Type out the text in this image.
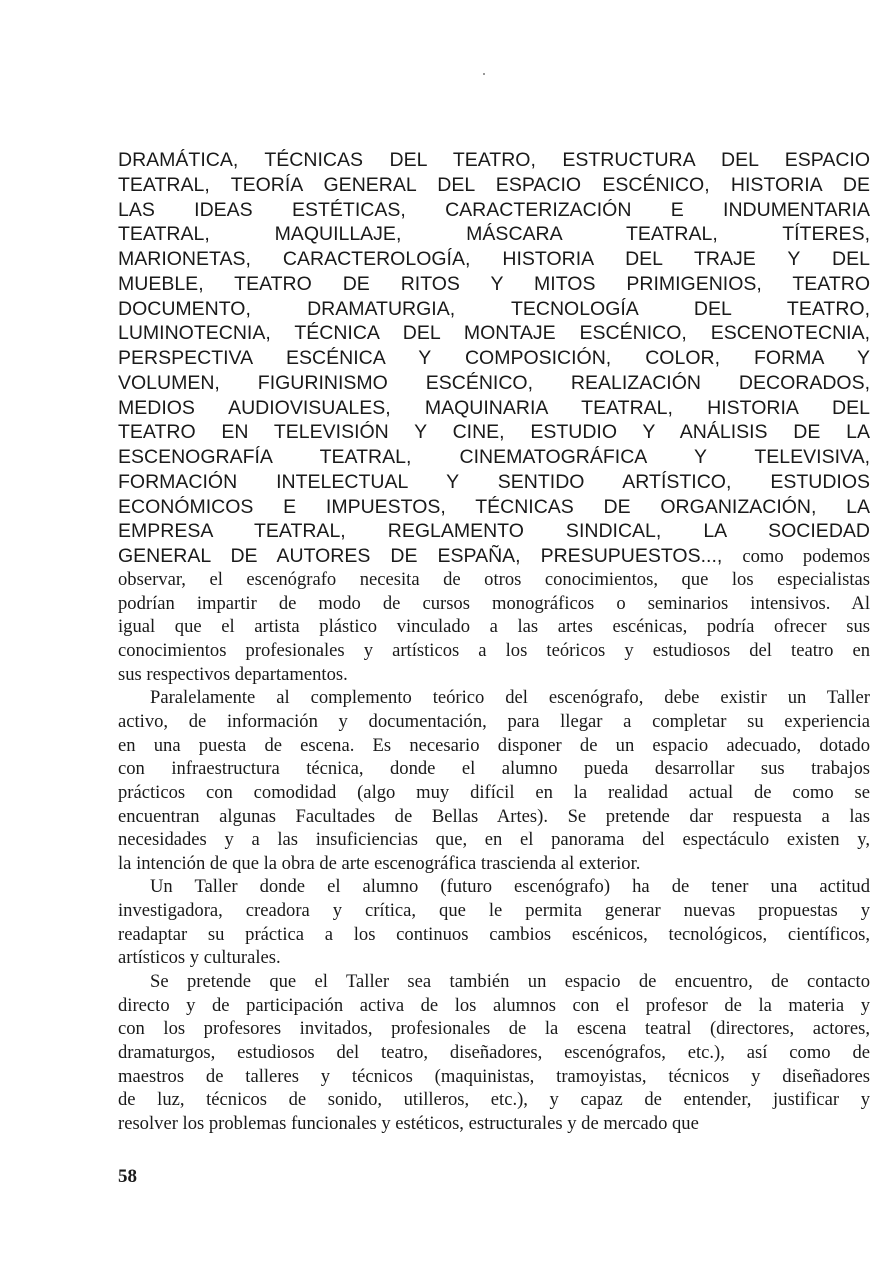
DRAMÁTICA, TÉCNICAS DEL TEATRO, ESTRUCTURA DEL ESPACIO
TEATRAL, TEORÍA GENERAL DEL ESPACIO ESCÉNICO, HISTORIA DE
LAS IDEAS ESTÉTICAS, CARACTERIZACIÓN E INDUMENTARIA
TEATRAL, MAQUILLAJE, MÁSCARA TEATRAL, TÍTERES,
MARIONETAS, CARACTEROLOGÍA, HISTORIA DEL TRAJE Y DEL
MUEBLE, TEATRO DE RITOS Y MITOS PRIMIGENIOS, TEATRO
DOCUMENTO, DRAMATURGIA, TECNOLOGÍA DEL TEATRO,
LUMINOTECNIA, TÉCNICA DEL MONTAJE ESCÉNICO, ESCENOTECNIA,
PERSPECTIVA ESCÉNICA Y COMPOSICIÓN, COLOR, FORMA Y
VOLUMEN, FIGURINISMO ESCÉNICO, REALIZACIÓN DECORADOS,
MEDIOS AUDIOVISUALES, MAQUINARIA TEATRAL, HISTORIA DEL
TEATRO EN TELEVISIÓN Y CINE, ESTUDIO Y ANÁLISIS DE LA
ESCENOGRAFÍA TEATRAL, CINEMATOGRÁFICA Y TELEVISIVA,
FORMACIÓN INTELECTUAL Y SENTIDO ARTÍSTICO, ESTUDIOS
ECONÓMICOS E IMPUESTOS, TÉCNICAS DE ORGANIZACIÓN, LA
EMPRESA TEATRAL, REGLAMENTO SINDICAL, LA SOCIEDAD
GENERAL DE AUTORES DE ESPAÑA, PRESUPUESTOS..., como podemos
observar, el escenógrafo necesita de otros conocimientos, que los especialistas
podrían impartir de modo de cursos monográficos o seminarios intensivos. Al
igual que el artista plástico vinculado a las artes escénicas, podría ofrecer sus
conocimientos profesionales y artísticos a los teóricos y estudiosos del teatro en
sus respectivos departamentos.
Paralelamente al complemento teórico del escenógrafo, debe existir un Taller
activo, de información y documentación, para llegar a completar su experiencia
en una puesta de escena. Es necesario disponer de un espacio adecuado, dotado
con infraestructura técnica, donde el alumno pueda desarrollar sus trabajos
prácticos con comodidad (algo muy difícil en la realidad actual de como se
encuentran algunas Facultades de Bellas Artes). Se pretende dar respuesta a las
necesidades y a las insuficiencias que, en el panorama del espectáculo existen y,
la intención de que la obra de arte escenográfica trascienda al exterior.
Un Taller donde el alumno (futuro escenógrafo) ha de tener una actitud
investigadora, creadora y crítica, que le permita generar nuevas propuestas y
readaptar su práctica a los continuos cambios escénicos, tecnológicos, científicos,
artísticos y culturales.
Se pretende que el Taller sea también un espacio de encuentro, de contacto
directo y de participación activa de los alumnos con el profesor de la materia y
con los profesores invitados, profesionales de la escena teatral (directores, actores,
dramaturgos, estudiosos del teatro, diseñadores, escenógrafos, etc.), así como de
maestros de talleres y técnicos (maquinistas, tramoyistas, técnicos y diseñadores
de luz, técnicos de sonido, utilleros, etc.), y capaz de entender, justificar y
resolver los problemas funcionales y estéticos, estructurales y de mercado que
58
